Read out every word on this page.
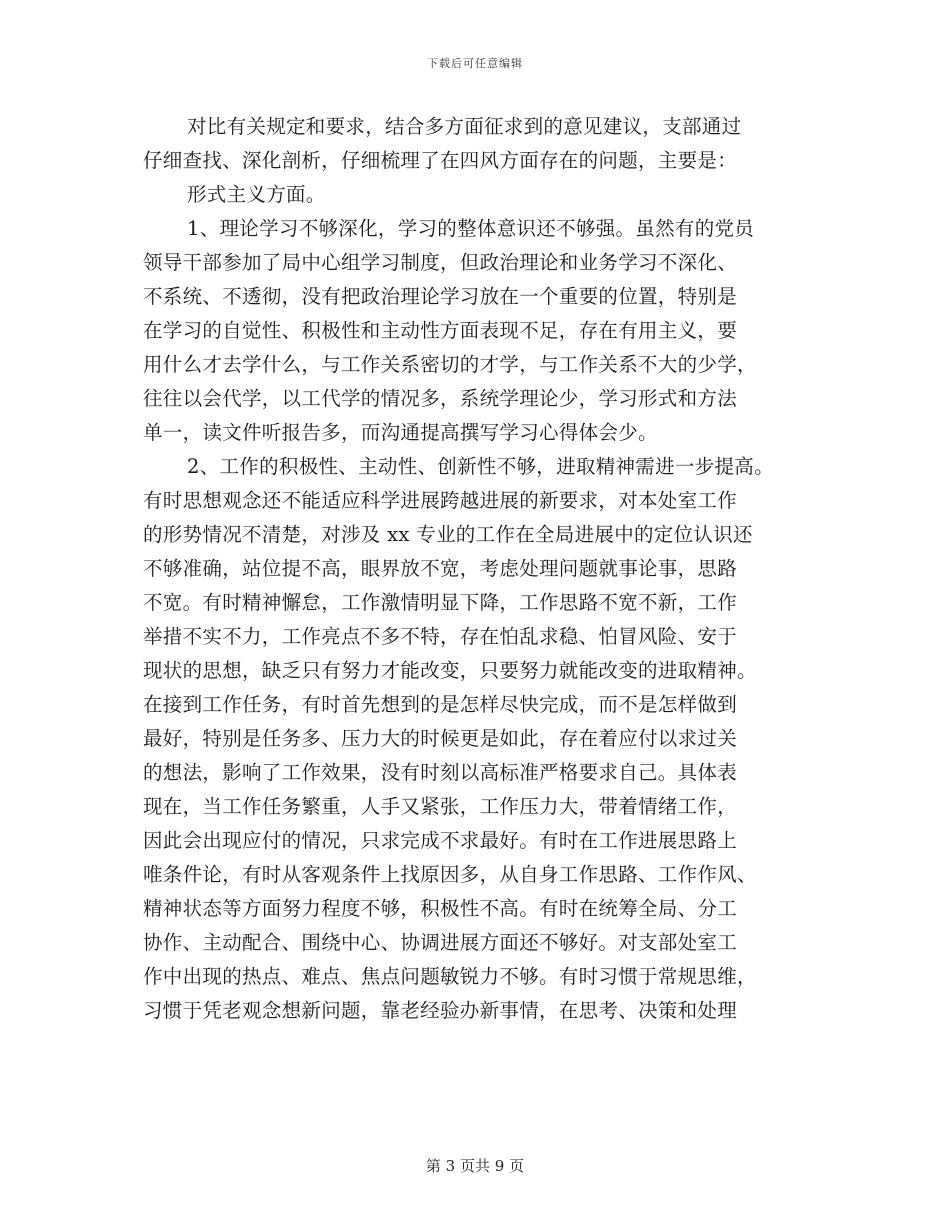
下载后可任意编辑
对比有关规定和要求，结合多方面征求到的意见建议，支部通过
仔细查找、深化剖析，仔细梳理了在四风方面存在的问题，主要是：
形式主义方面。
1、理论学习不够深化，学习的整体意识还不够强。虽然有的党员
领导干部参加了局中心组学习制度，但政治理论和业务学习不深化、
不系统、不透彻，没有把政治理论学习放在一个重要的位置，特别是
在学习的自觉性、积极性和主动性方面表现不足，存在有用主义，要
用什么才去学什么，与工作关系密切的才学，与工作关系不大的少学，
往往以会代学，以工代学的情况多，系统学理论少，学习形式和方法
单一，读文件听报告多，而沟通提高撰写学习心得体会少。
2、工作的积极性、主动性、创新性不够，进取精神需进一步提高。
有时思想观念还不能适应科学进展跨越进展的新要求，对本处室工作
的形势情况不清楚，对涉及 xx 专业的工作在全局进展中的定位认识还
不够准确，站位提不高，眼界放不宽，考虑处理问题就事论事，思路
不宽。有时精神懈怠，工作激情明显下降，工作思路不宽不新，工作
举措不实不力，工作亮点不多不特，存在怕乱求稳、怕冒风险、安于
现状的思想，缺乏只有努力才能改变，只要努力就能改变的进取精神。
在接到工作任务，有时首先想到的是怎样尽快完成，而不是怎样做到
最好，特别是任务多、压力大的时候更是如此，存在着应付以求过关
的想法，影响了工作效果，没有时刻以高标准严格要求自己。具体表
现在，当工作任务繁重，人手又紧张，工作压力大，带着情绪工作，
因此会出现应付的情况，只求完成不求最好。有时在工作进展思路上
唯条件论，有时从客观条件上找原因多，从自身工作思路、工作作风、
精神状态等方面努力程度不够，积极性不高。有时在统筹全局、分工
协作、主动配合、围绕中心、协调进展方面还不够好。对支部处室工
作中出现的热点、难点、焦点问题敏锐力不够。有时习惯于常规思维，
习惯于凭老观念想新问题，靠老经验办新事情，在思考、决策和处理
第 3 页共 9 页
